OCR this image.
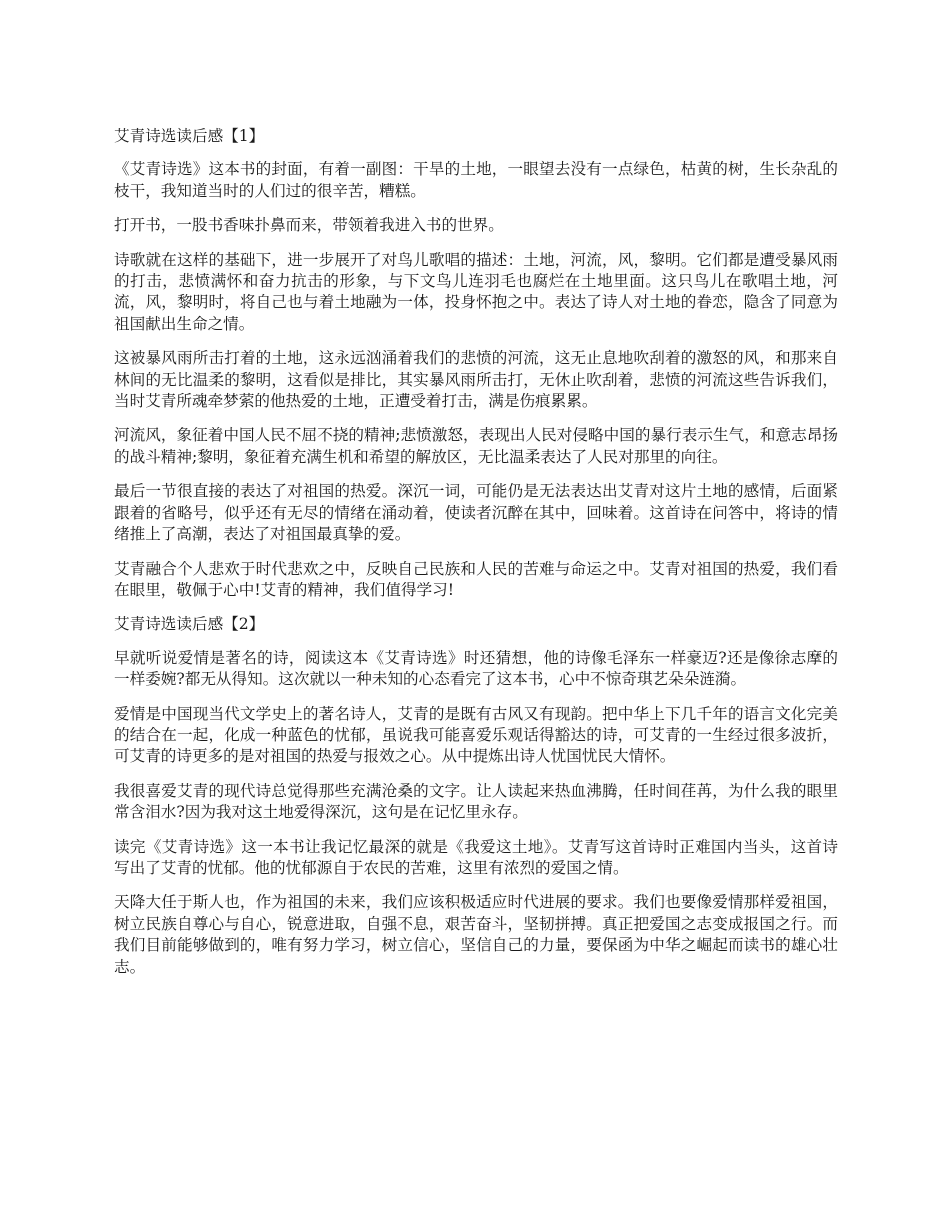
艾青诗选读后感【1】

《艾青诗选》这本书的封面，有着一副图：干旱的土地，一眼望去没有一点绿色，枯黄的树，生长杂乱的枝干，我知道当时的人们过的很辛苦，糟糕。

打开书，一股书香味扑鼻而来，带领着我进入书的世界。

诗歌就在这样的基础下，进一步展开了对鸟儿歌唱的描述：土地，河流，风，黎明。它们都是遭受暴风雨的打击，悲愤满怀和奋力抗击的形象，与下文鸟儿连羽毛也腐烂在土地里面。这只鸟儿在歌唱土地，河流，风，黎明时，将自己也与着土地融为一体，投身怀抱之中。表达了诗人对土地的眷恋，隐含了同意为祖国献出生命之情。

这被暴风雨所击打着的土地，这永远汹涌着我们的悲愤的河流，这无止息地吹刮着的激怒的风，和那来自林间的无比温柔的黎明，这看似是排比，其实暴风雨所击打，无休止吹刮着，悲愤的河流这些告诉我们，当时艾青所魂牵梦萦的他热爱的土地，正遭受着打击，满是伤痕累累。

河流风，象征着中国人民不屈不挠的精神;悲愤激怒，表现出人民对侵略中国的暴行表示生气，和意志昂扬的战斗精神;黎明，象征着充满生机和希望的解放区，无比温柔表达了人民对那里的向往。

最后一节很直接的表达了对祖国的热爱。深沉一词，可能仍是无法表达出艾青对这片土地的感情，后面紧跟着的省略号，似乎还有无尽的情绪在涌动着，使读者沉醉在其中，回味着。这首诗在问答中，将诗的情绪推上了高潮，表达了对祖国最真挚的爱。

艾青融合个人悲欢于时代悲欢之中，反映自己民族和人民的苦难与命运之中。艾青对祖国的热爱，我们看在眼里，敬佩于心中!艾青的精神，我们值得学习!

艾青诗选读后感【2】

早就听说爱情是著名的诗，阅读这本《艾青诗选》时还猜想，他的诗像毛泽东一样豪迈?还是像徐志摩的一样委婉?都无从得知。这次就以一种未知的心态看完了这本书，心中不惊奇琪艺朵朵涟漪。

爱情是中国现当代文学史上的著名诗人，艾青的是既有古风又有现韵。把中华上下几千年的语言文化完美的结合在一起，化成一种蓝色的忧郁，虽说我可能喜爱乐观话得豁达的诗，可艾青的一生经过很多波折，可艾青的诗更多的是对祖国的热爱与报效之心。从中提炼出诗人忧国忧民大情怀。

我很喜爱艾青的现代诗总觉得那些充满沧桑的文字。让人读起来热血沸腾，任时间荏苒，为什么我的眼里常含泪水?因为我对这土地爱得深沉，这句是在记忆里永存。

读完《艾青诗选》这一本书让我记忆最深的就是《我爱这土地》。艾青写这首诗时正难国内当头，这首诗写出了艾青的忧郁。他的忧郁源自于农民的苦难，这里有浓烈的爱国之情。

天降大任于斯人也，作为祖国的未来，我们应该积极适应时代进展的要求。我们也要像爱情那样爱祖国，树立民族自尊心与自心，锐意进取，自强不息，艰苦奋斗，坚韧拼搏。真正把爱国之志变成报国之行。而我们目前能够做到的，唯有努力学习，树立信心，坚信自己的力量，要保函为中华之崛起而读书的雄心壮志。
